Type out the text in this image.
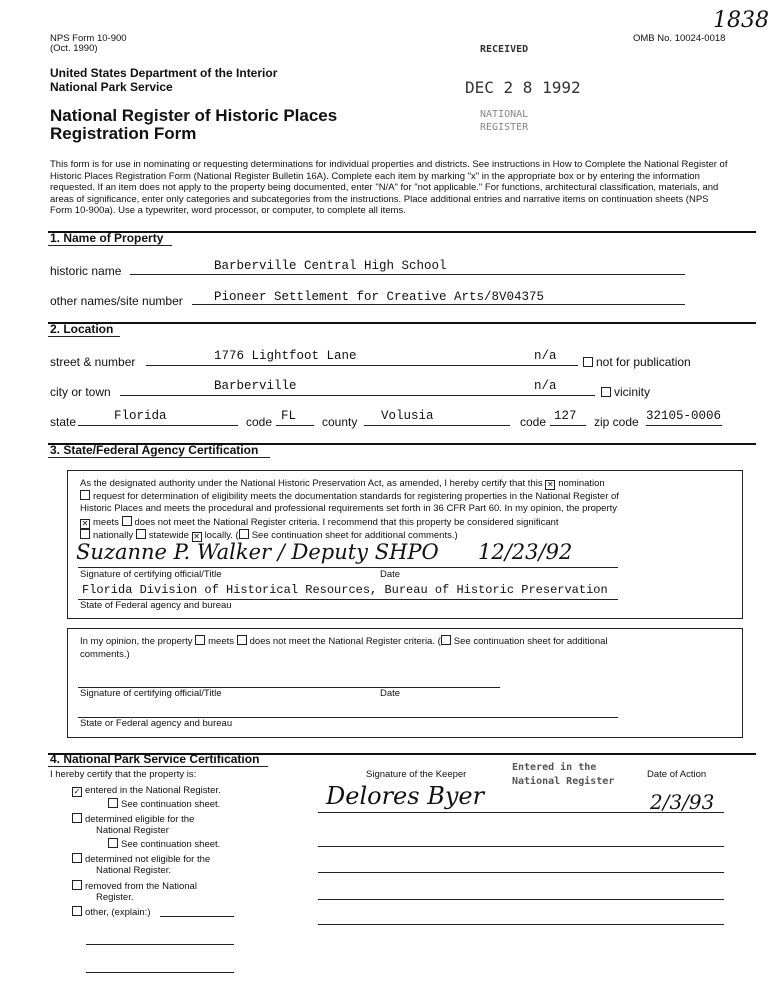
NPS Form 10-900
(Oct. 1990)
OMB No. 10024-0018
1838
United States Department of the Interior
National Park Service
National Register of Historic Places
Registration Form
RECEIVED
DEC 2 8 1992
NATIONAL
REGISTER
This form is for use in nominating or requesting determinations for individual properties and districts. See instructions in How to Complete the National Register of Historic Places Registration Form (National Register Bulletin 16A). Complete each item by marking "x" in the appropriate box or by entering the information requested. If an item does not apply to the property being documented, enter "N/A" for "not applicable." For functions, architectural classification, materials, and areas of significance, enter only categories and subcategories from the instructions. Place additional entries and narrative items on continuation sheets (NPS Form 10-900a). Use a typewriter, word processor, or computer, to complete all items.
1. Name of Property
historic name	Barberville Central High School
other names/site number	Pioneer Settlement for Creative Arts/8V04375
2. Location
street & number	1776 Lightfoot Lane	n/a	not for publication
city or town	Barberville	n/a	vicinity
state	Florida	code FL county Volusia	code 127 zip code 32105-0006
3. State/Federal Agency Certification
As the designated authority under the National Historic Preservation Act, as amended, I hereby certify that this ✕ nomination
request for determination of eligibility meets the documentation standards for registering properties in the National Register of
Historic Places and meets the procedural and professional requirements set forth in 36 CFR Part 60. In my opinion, the property
✕ meets does not meet the National Register criteria. I recommend that this property be considered significant
nationally statewide ✕ locally. ( See continuation sheet for additional comments.)
Suzanne P. Walker / Deputy SHPO 12/23/92
Signature of certifying official/Title	Date
Florida Division of Historical Resources, Bureau of Historic Preservation
State of Federal agency and bureau
In my opinion, the property meets does not meet the National Register criteria. ( See continuation sheet for additional
comments.)
Signature of certifying official/Title	Date
State or Federal agency and bureau
4. National Park Service Certification
I hereby certify that the property is:	Signature of the Keeper	Date of Action
Entered in the
National Register
✓ entered in the National Register.
See continuation sheet.	Delores Byer	2/3/93
determined eligible for the
National Register
See continuation sheet.
determined not eligible for the
National Register.
removed from the National
Register.
other, (explain:)
